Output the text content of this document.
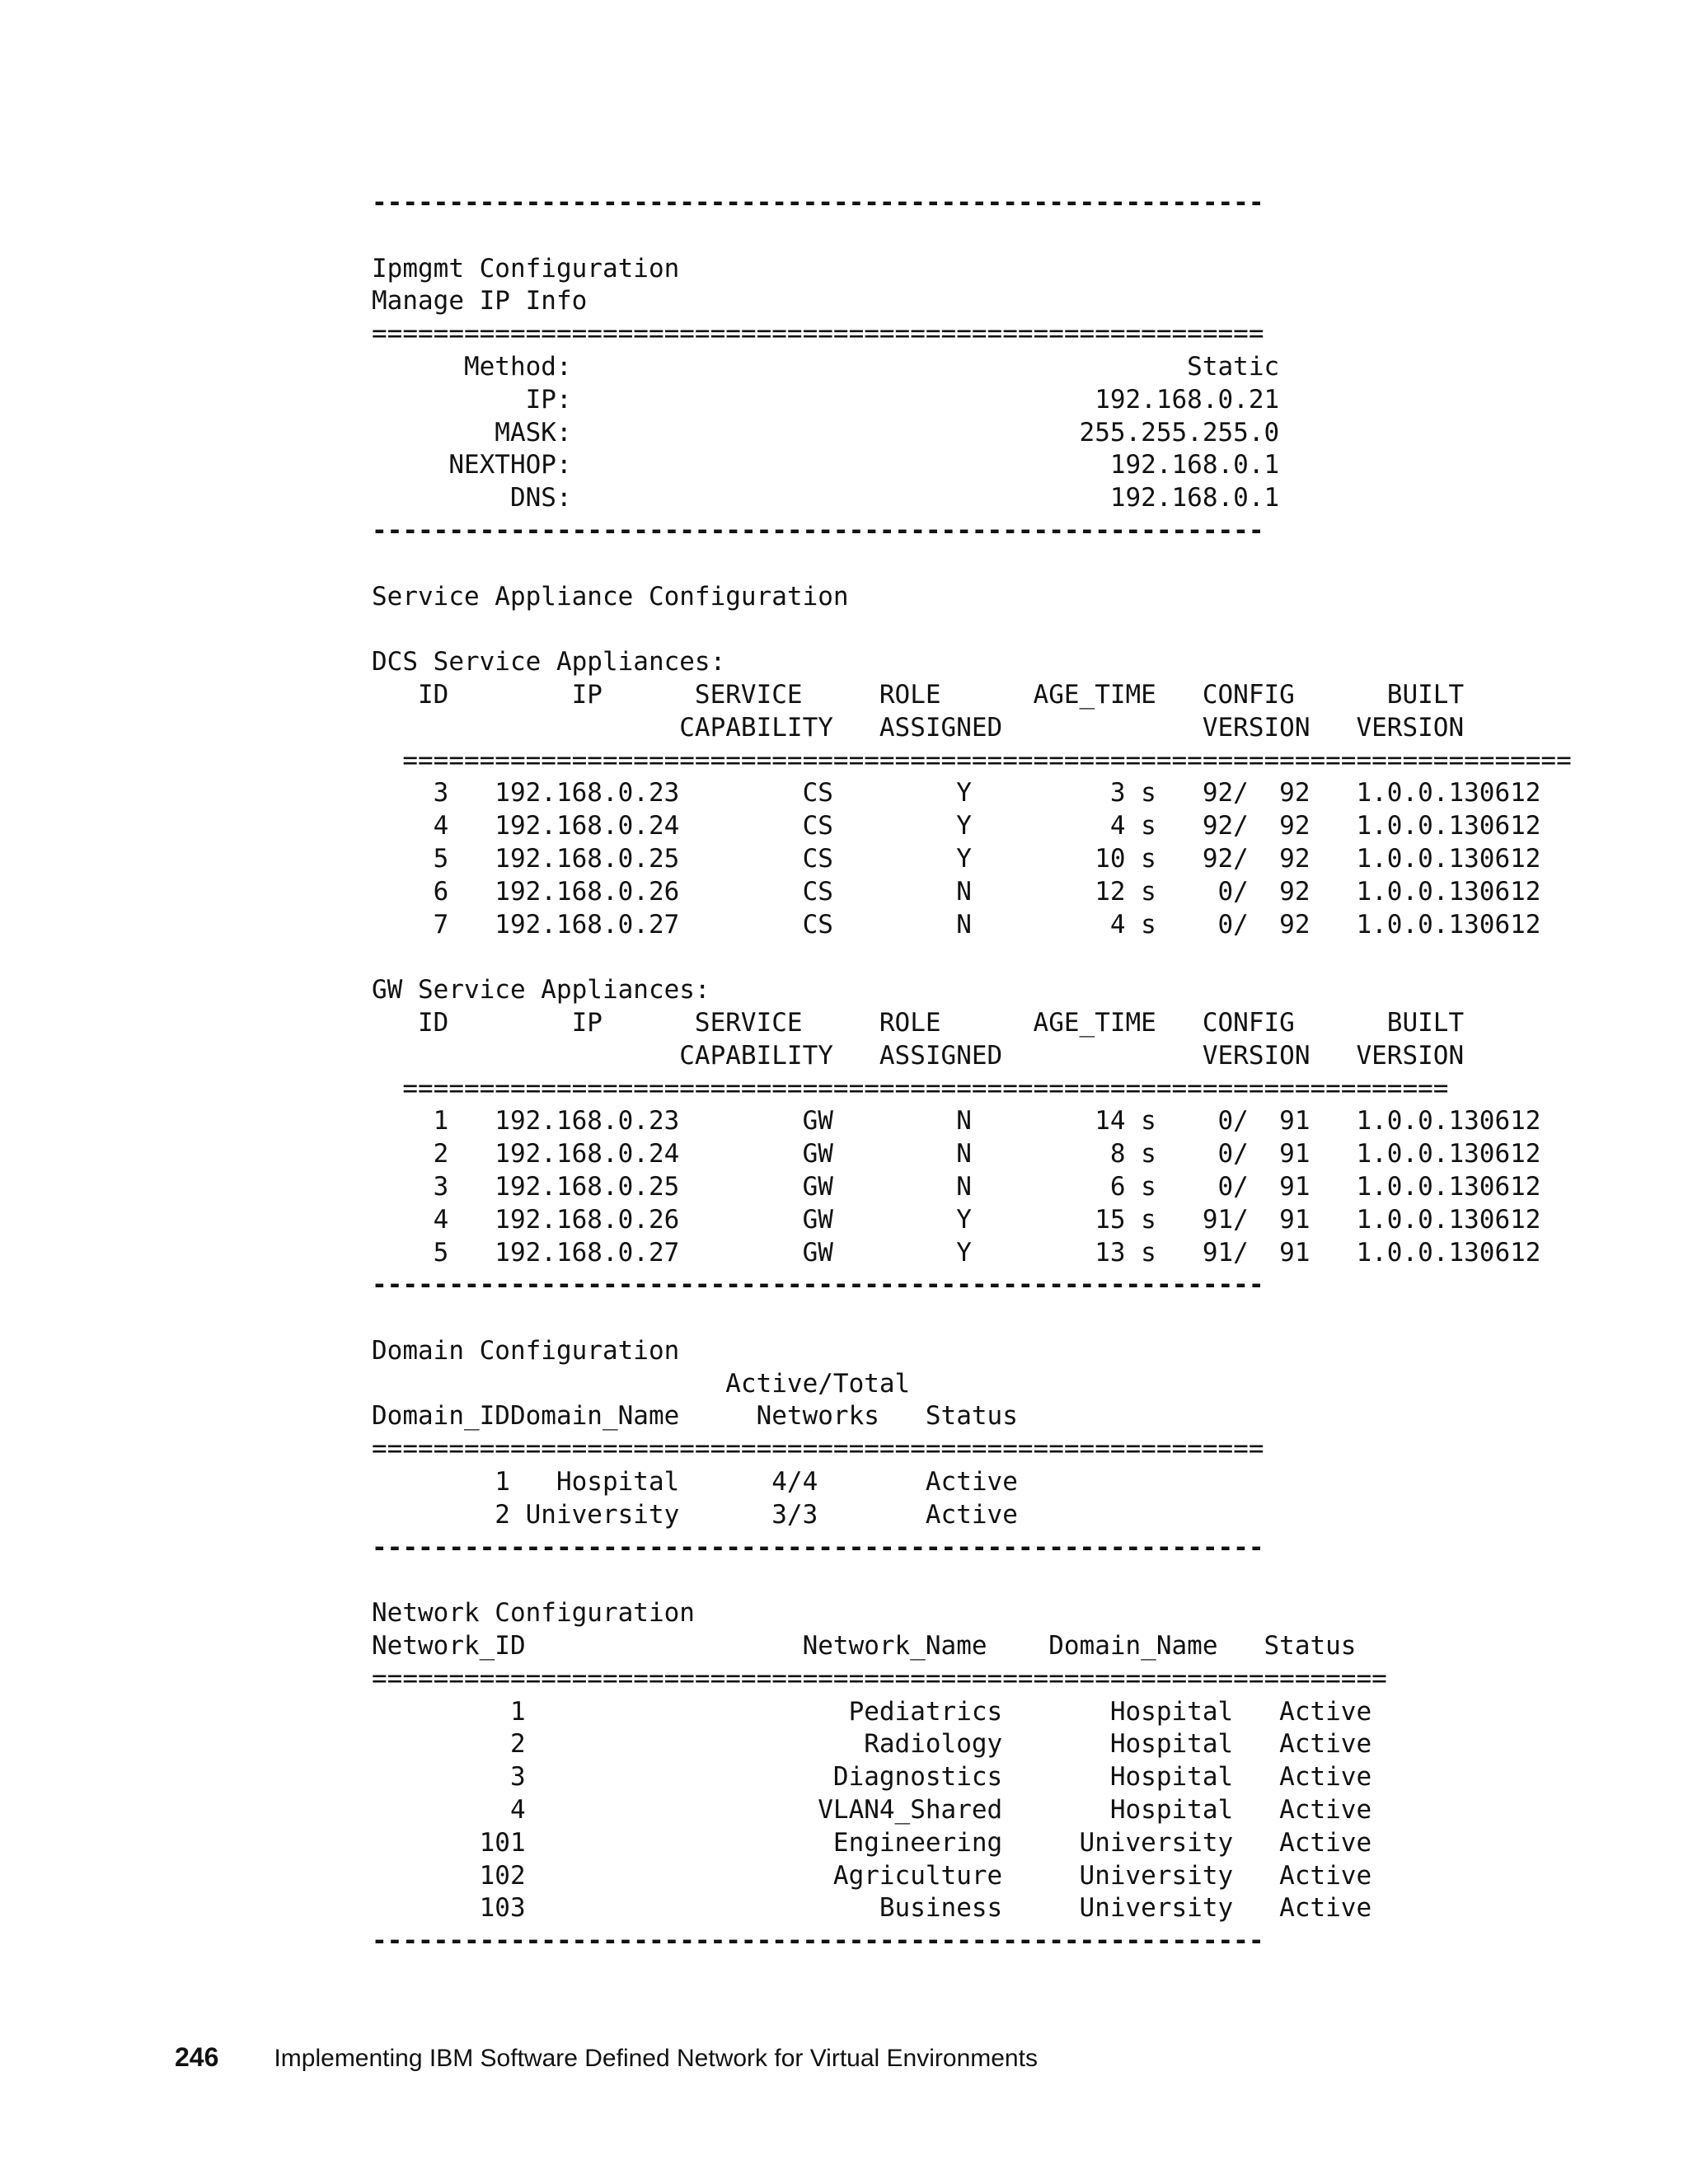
----------------------------------------------------------
Ipmgmt Configuration
Manage IP Info
==========================================================
Method:                                        Static
IP:                                  192.168.0.21
MASK:                                 255.255.255.0
NEXTHOP:                                   192.168.0.1
DNS:                                   192.168.0.1
----------------------------------------------------------
Service Appliance Configuration
DCS Service Appliances:
ID        IP      SERVICE     ROLE      AGE_TIME   CONFIG      BUILT
CAPABILITY   ASSIGNED             VERSION   VERSION
============================================================================
3   192.168.0.23        CS        Y         3 s   92/  92   1.0.0.130612
4   192.168.0.24        CS        Y         4 s   92/  92   1.0.0.130612
5   192.168.0.25        CS        Y        10 s   92/  92   1.0.0.130612
6   192.168.0.26        CS        N        12 s    0/  92   1.0.0.130612
7   192.168.0.27        CS        N         4 s    0/  92   1.0.0.130612
GW Service Appliances:
ID        IP      SERVICE     ROLE      AGE_TIME   CONFIG      BUILT
CAPABILITY   ASSIGNED             VERSION   VERSION
====================================================================
1   192.168.0.23        GW        N        14 s    0/  91   1.0.0.130612
2   192.168.0.24        GW        N         8 s    0/  91   1.0.0.130612
3   192.168.0.25        GW        N         6 s    0/  91   1.0.0.130612
4   192.168.0.26        GW        Y        15 s   91/  91   1.0.0.130612
5   192.168.0.27        GW        Y        13 s   91/  91   1.0.0.130612
----------------------------------------------------------
Domain Configuration
Active/Total
Domain_IDDomain_Name     Networks   Status
==========================================================
1   Hospital      4/4       Active
2 University      3/3       Active
----------------------------------------------------------
Network Configuration
Network_ID                  Network_Name    Domain_Name   Status
==================================================================
1                     Pediatrics       Hospital   Active
2                      Radiology       Hospital   Active
3                    Diagnostics       Hospital   Active
4                   VLAN4_Shared       Hospital   Active
101                    Engineering     University   Active
102                    Agriculture     University   Active
103                       Business     University   Active
----------------------------------------------------------
246 Implementing IBM Software Defined Network for Virtual Environments
